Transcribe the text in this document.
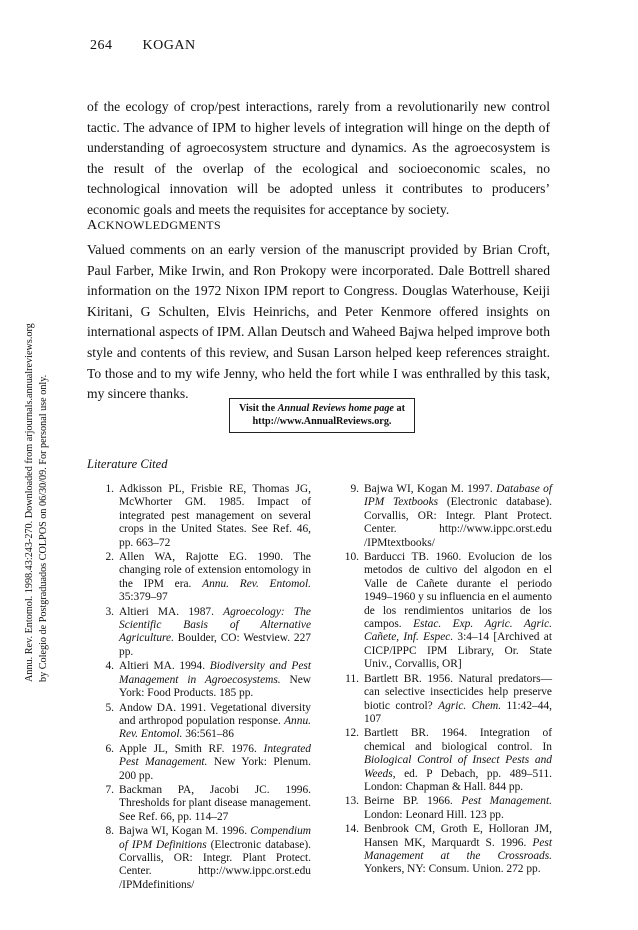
264 KOGAN
Annu. Rev. Entomol. 1998.43:243-270. Downloaded from arjournals.annualreviews.org by Colegio de Postgraduados COLPOS on 06/30/09. For personal use only.
of the ecology of crop/pest interactions, rarely from a revolutionarily new control tactic. The advance of IPM to higher levels of integration will hinge on the depth of understanding of agroecosystem structure and dynamics. As the agroecosystem is the result of the overlap of the ecological and socioeconomic scales, no technological innovation will be adopted unless it contributes to producers’ economic goals and meets the requisites for acceptance by society.
ACKNOWLEDGMENTS
Valued comments on an early version of the manuscript provided by Brian Croft, Paul Farber, Mike Irwin, and Ron Prokopy were incorporated. Dale Bottrell shared information on the 1972 Nixon IPM report to Congress. Douglas Waterhouse, Keiji Kiritani, G Schulten, Elvis Heinrichs, and Peter Kenmore offered insights on international aspects of IPM. Allan Deutsch and Waheed Bajwa helped improve both style and contents of this review, and Susan Larson helped keep references straight. To those and to my wife Jenny, who held the fort while I was enthralled by this task, my sincere thanks.
Visit the Annual Reviews home page at
http://www.AnnualReviews.org.
Literature Cited
1. Adkisson PL, Frisbie RE, Thomas JG, McWhorter GM. 1985. Impact of integrated pest management on several crops in the United States. See Ref. 46, pp. 663–72
2. Allen WA, Rajotte EG. 1990. The changing role of extension entomology in the IPM era. Annu. Rev. Entomol. 35:379–97
3. Altieri MA. 1987. Agroecology: The Scientific Basis of Alternative Agriculture. Boulder, CO: Westview. 227 pp.
4. Altieri MA. 1994. Biodiversity and Pest Management in Agroecosystems. New York: Food Products. 185 pp.
5. Andow DA. 1991. Vegetational diversity and arthropod population response. Annu. Rev. Entomol. 36:561–86
6. Apple JL, Smith RF. 1976. Integrated Pest Management. New York: Plenum. 200 pp.
7. Backman PA, Jacobi JC. 1996. Thresholds for plant disease management. See Ref. 66, pp. 114–27
8. Bajwa WI, Kogan M. 1996. Compendium of IPM Definitions (Electronic database). Corvallis, OR: Integr. Plant Protect. Center. http://www.ippc.orst.edu /IPMdefinitions/
9. Bajwa WI, Kogan M. 1997. Database of IPM Textbooks (Electronic database). Corvallis, OR: Integr. Plant Protect. Center. http://www.ippc.orst.edu /IPMtextbooks/
10. Barducci TB. 1960. Evolucion de los metodos de cultivo del algodon en el Valle de Cañete durante el periodo 1949–1960 y su influencia en el aumento de los rendimientos unitarios de los campos. Estac. Exp. Agric. Agric. Cañete, Inf. Espec. 3:4–14 [Archived at CICP/IPPC IPM Library, Or. State Univ., Corvallis, OR]
11. Bartlett BR. 1956. Natural predators—can selective insecticides help preserve biotic control? Agric. Chem. 11:42–44, 107
12. Bartlett BR. 1964. Integration of chemical and biological control. In Biological Control of Insect Pests and Weeds, ed. P Debach, pp. 489–511. London: Chapman & Hall. 844 pp.
13. Beirne BP. 1966. Pest Management. London: Leonard Hill. 123 pp.
14. Benbrook CM, Groth E, Holloran JM, Hansen MK, Marquardt S. 1996. Pest Management at the Crossroads. Yonkers, NY: Consum. Union. 272 pp.
